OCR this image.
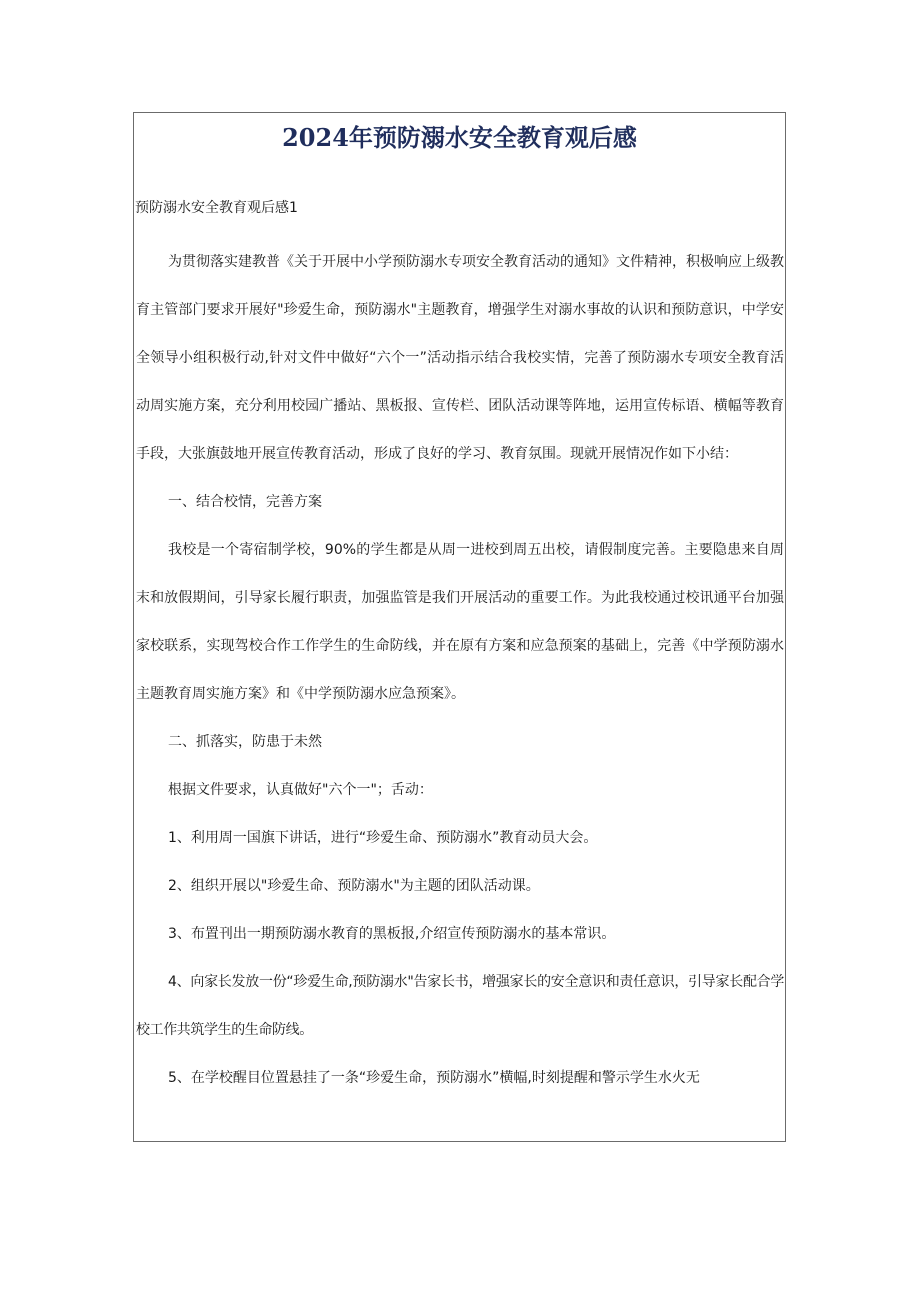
2024年预防溺水安全教育观后感

预防溺水安全教育观后感1

为贯彻落实建教普《关于开展中小学预防溺水专项安全教育活动的通知》文件精神，积极响应上级教育主管部门要求开展好"珍爱生命，预防溺水"主题教育，增强学生对溺水事故的认识和预防意识，中学安全领导小组积极行动,针对文件中做好“六个一”活动指示结合我校实情，完善了预防溺水专项安全教育活动周实施方案，充分利用校园广播站、黑板报、宣传栏、团队活动课等阵地，运用宣传标语、横幅等教育手段，大张旗鼓地开展宣传教育活动，形成了良好的学习、教育氛围。现就开展情况作如下小结：

一、结合校情，完善方案

我校是一个寄宿制学校，90%的学生都是从周一进校到周五出校，请假制度完善。主要隐患来自周末和放假期间，引导家长履行职责，加强监管是我们开展活动的重要工作。为此我校通过校讯通平台加强家校联系，实现驾校合作工作学生的生命防线，并在原有方案和应急预案的基础上，完善《中学预防溺水主题教育周实施方案》和《中学预防溺水应急预案》。

二、抓落实，防患于未然

根据文件要求，认真做好"六个一"；舌动：

1、利用周一国旗下讲话，进行“珍爱生命、预防溺水”教育动员大会。

2、组织开展以"珍爱生命、预防溺水"为主题的团队活动课。

3、布置刊出一期预防溺水教育的黑板报,介绍宣传预防溺水的基本常识。

4、向家长发放一份“珍爱生命,预防溺水"告家长书，增强家长的安全意识和责任意识，引导家长配合学校工作共筑学生的生命防线。

5、在学校醒目位置悬挂了一条“珍爱生命，预防溺水”横幅,时刻提醒和警示学生水火无
